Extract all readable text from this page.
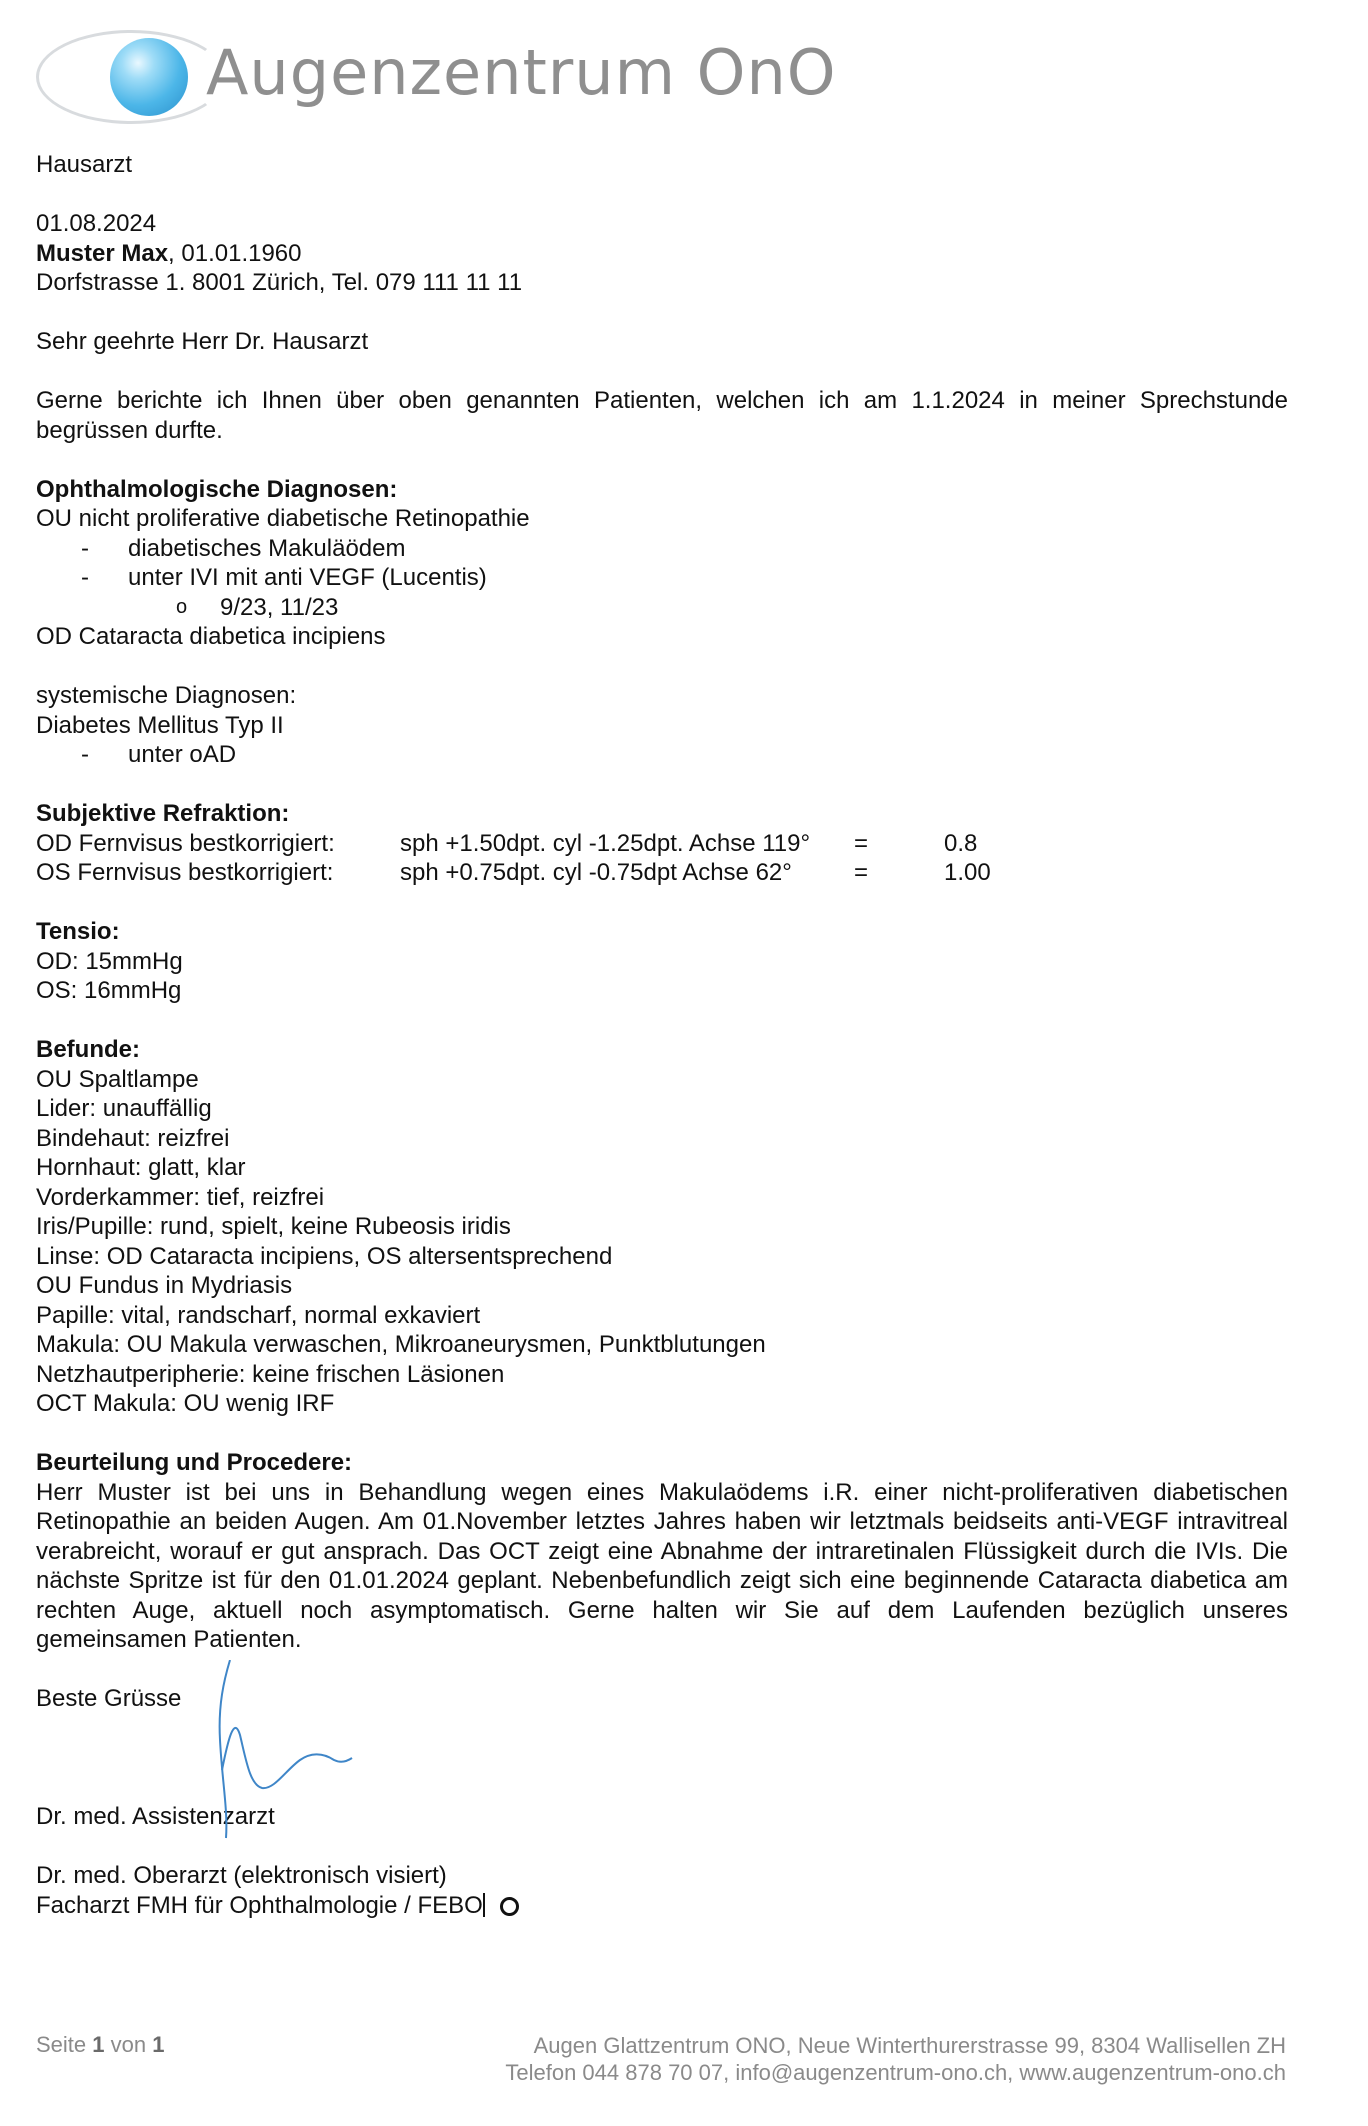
Augenzentrum OnO

Hausarzt

01.08.2024

Muster Max, 01.01.1960

Dorfstrasse 1. 8001 Zürich, Tel. 079 111 11 11

Sehr geehrte Herr Dr. Hausarzt

Gerne berichte ich Ihnen über oben genannten Patienten, welchen ich am 1.1.2024 in meiner Sprechstunde begrüssen durfte.

Ophthalmologische Diagnosen:

OU nicht proliferative diabetische Retinopathie

- diabetisches Makuläödem
- unter IVI mit anti VEGF (Lucentis)
o 9/23, 11/23

OD Cataracta diabetica incipiens

systemische Diagnosen:

Diabetes Mellitus Typ II

- unter oAD

Subjektive Refraktion:

OD Fernvisus bestkorrigiert:	sph +1.50dpt. cyl -1.25dpt. Achse 119° =	0.8
OS Fernvisus bestkorrigiert:	sph +0.75dpt. cyl -0.75dpt Achse 62°	=	1.00

Tensio:

OD: 15mmHg

OS: 16mmHg

Befunde:

OU Spaltlampe

Lider: unauffällig

Bindehaut: reizfrei

Hornhaut: glatt, klar

Vorderkammer: tief, reizfrei

Iris/Pupille: rund, spielt, keine Rubeosis iridis

Linse: OD Cataracta incipiens, OS altersentsprechend

OU Fundus in Mydriasis

Papille: vital, randscharf, normal exkaviert

Makula: OU Makula verwaschen, Mikroaneurysmen, Punktblutungen

Netzhautperipherie: keine frischen Läsionen

OCT Makula: OU wenig IRF

Beurteilung und Procedere:

Herr Muster ist bei uns in Behandlung wegen eines Makulaödems i.R. einer nicht-proliferativen diabetischen Retinopathie an beiden Augen. Am 01.November letztes Jahres haben wir letztmals beidseits anti-VEGF intravitreal verabreicht, worauf er gut ansprach. Das OCT zeigt eine Abnahme der intraretinalen Flüssigkeit durch die IVIs. Die nächste Spritze ist für den 01.01.2024 geplant. Nebenbefundlich zeigt sich eine beginnende Cataracta diabetica am rechten Auge, aktuell noch asymptomatisch. Gerne halten wir Sie auf dem Laufenden bezüglich unseres gemeinsamen Patienten.

Beste Grüsse

Dr. med. Assistenzarzt

Dr. med. Oberarzt (elektronisch visiert)

Facharzt FMH für Ophthalmologie / FEBO

Seite 1 von 1	Augen Glattzentrum ONO, Neue Winterthurerstrasse 99, 8304 Wallisellen ZH
Telefon 044 878 70 07, info@augenzentrum-ono.ch, www.augenzentrum-ono.ch
